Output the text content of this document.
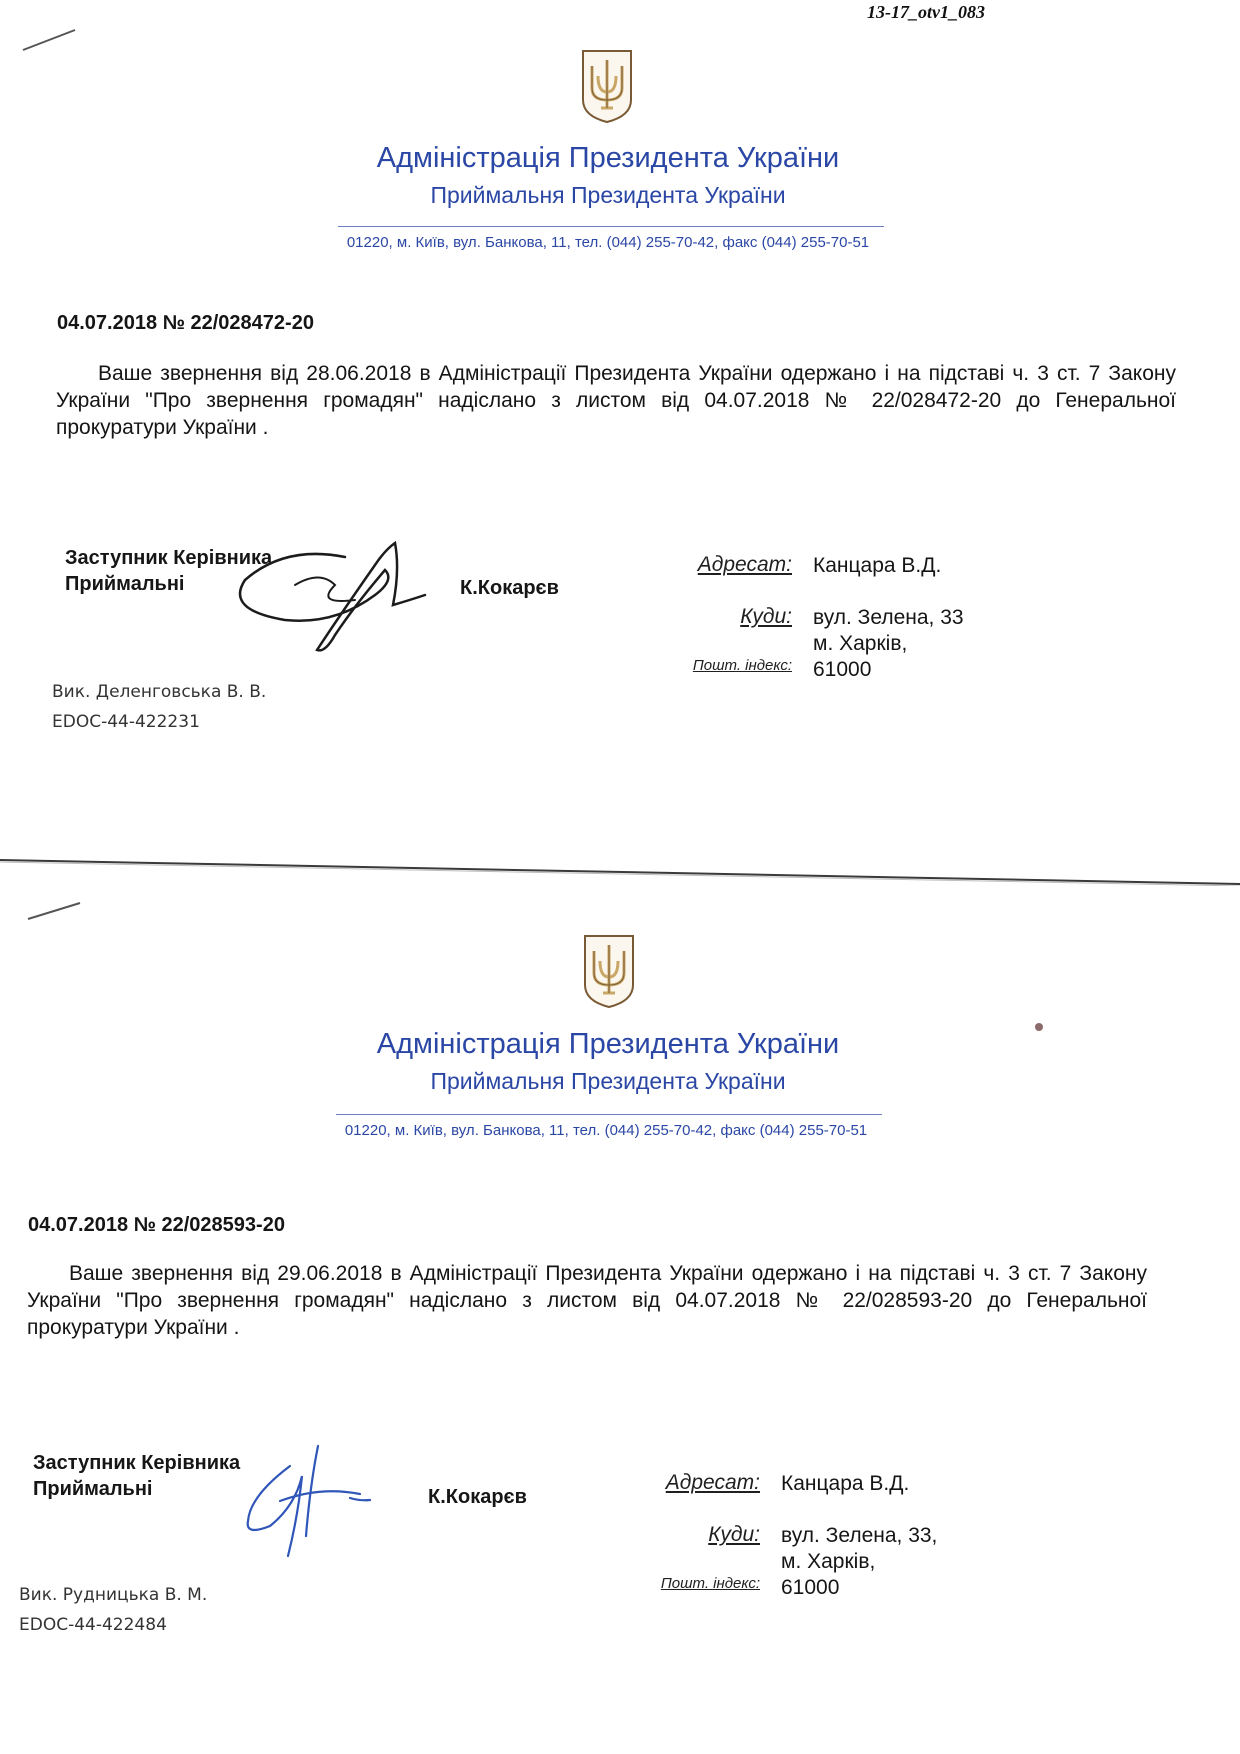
13-17_otv1_083
Адміністрація Президента України
Приймальня Президента України
01220, м. Київ, вул. Банкова, 11, тел. (044) 255-70-42, факс (044) 255-70-51
04.07.2018 № 22/028472-20
Ваше звернення від 28.06.2018 в Адміністрації Президента України одержано і на підставі ч. 3 ст. 7 Закону України "Про звернення громадян" надіслано з листом від 04.07.2018 № 22/028472-20 до Генеральної прокуратури України .
Заступник Керівника
Приймальні	К.Кокарєв
Вик. Деленговська В. В.
EDOC-44-422231
Адресат: Канцара В.Д.
Куди: вул. Зелена, 33
м. Харків,
Пошт. індекс: 61000
Адміністрація Президента України
Приймальня Президента України
01220, м. Київ, вул. Банкова, 11, тел. (044) 255-70-42, факс (044) 255-70-51
04.07.2018 № 22/028593-20
Ваше звернення від 29.06.2018 в Адміністрації Президента України одержано і на підставі ч. 3 ст. 7 Закону України "Про звернення громадян" надіслано з листом від 04.07.2018 № 22/028593-20 до Генеральної прокуратури України .
Заступник Керівника
Приймальні	К.Кокарєв
Вик. Рудницька В. М.
EDOC-44-422484
Адресат: Канцара В.Д.
Куди: вул. Зелена, 33,
м. Харків,
Пошт. індекс: 61000
